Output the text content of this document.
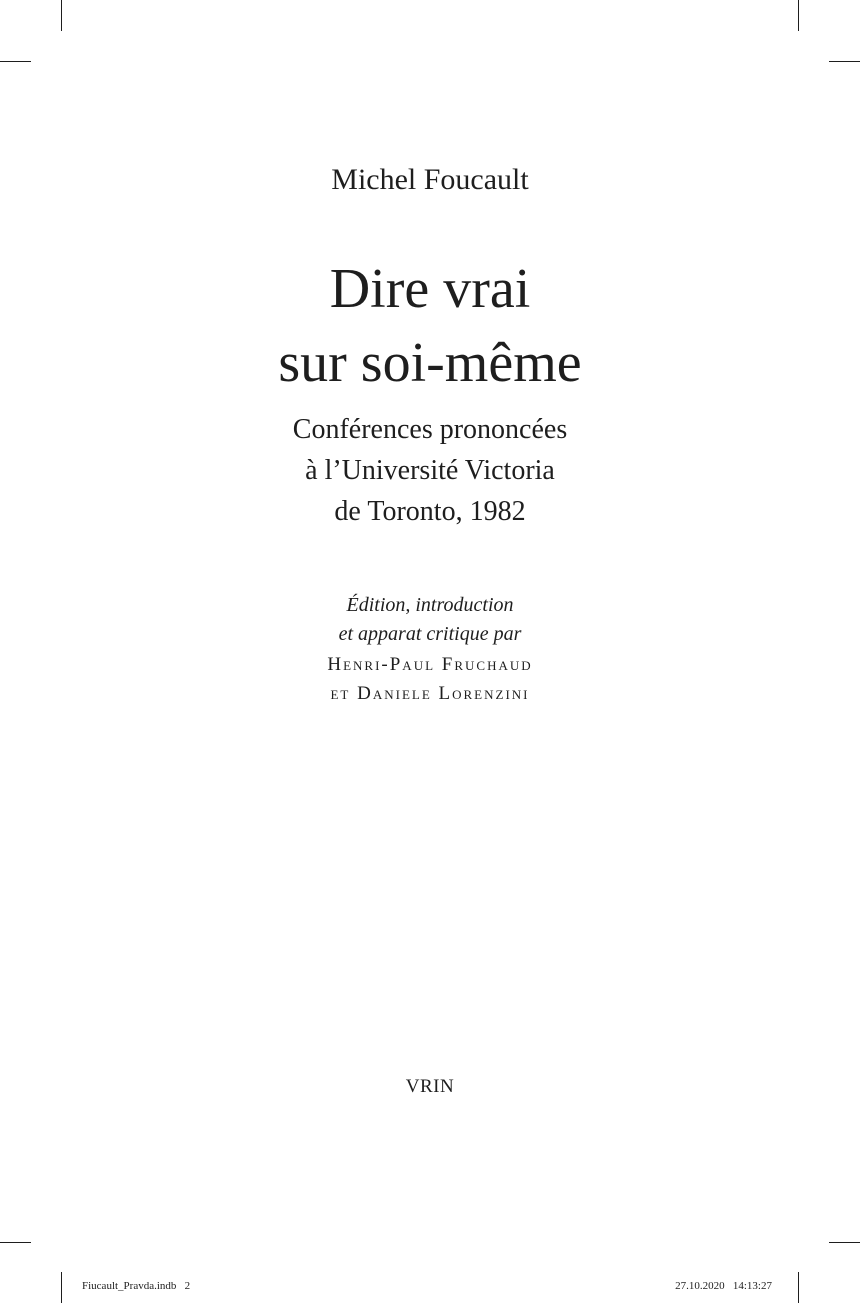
Michel Foucault
Dire vrai
sur soi-même
Conférences prononcées
à l’Université Victoria
de Toronto, 1982
Édition, introduction
et apparat critique par
Henri-Paul Fruchaud
et Daniele Lorenzini
VRIN
Fiucault_Pravda.indb   2	27.10.2020   14:13:27
